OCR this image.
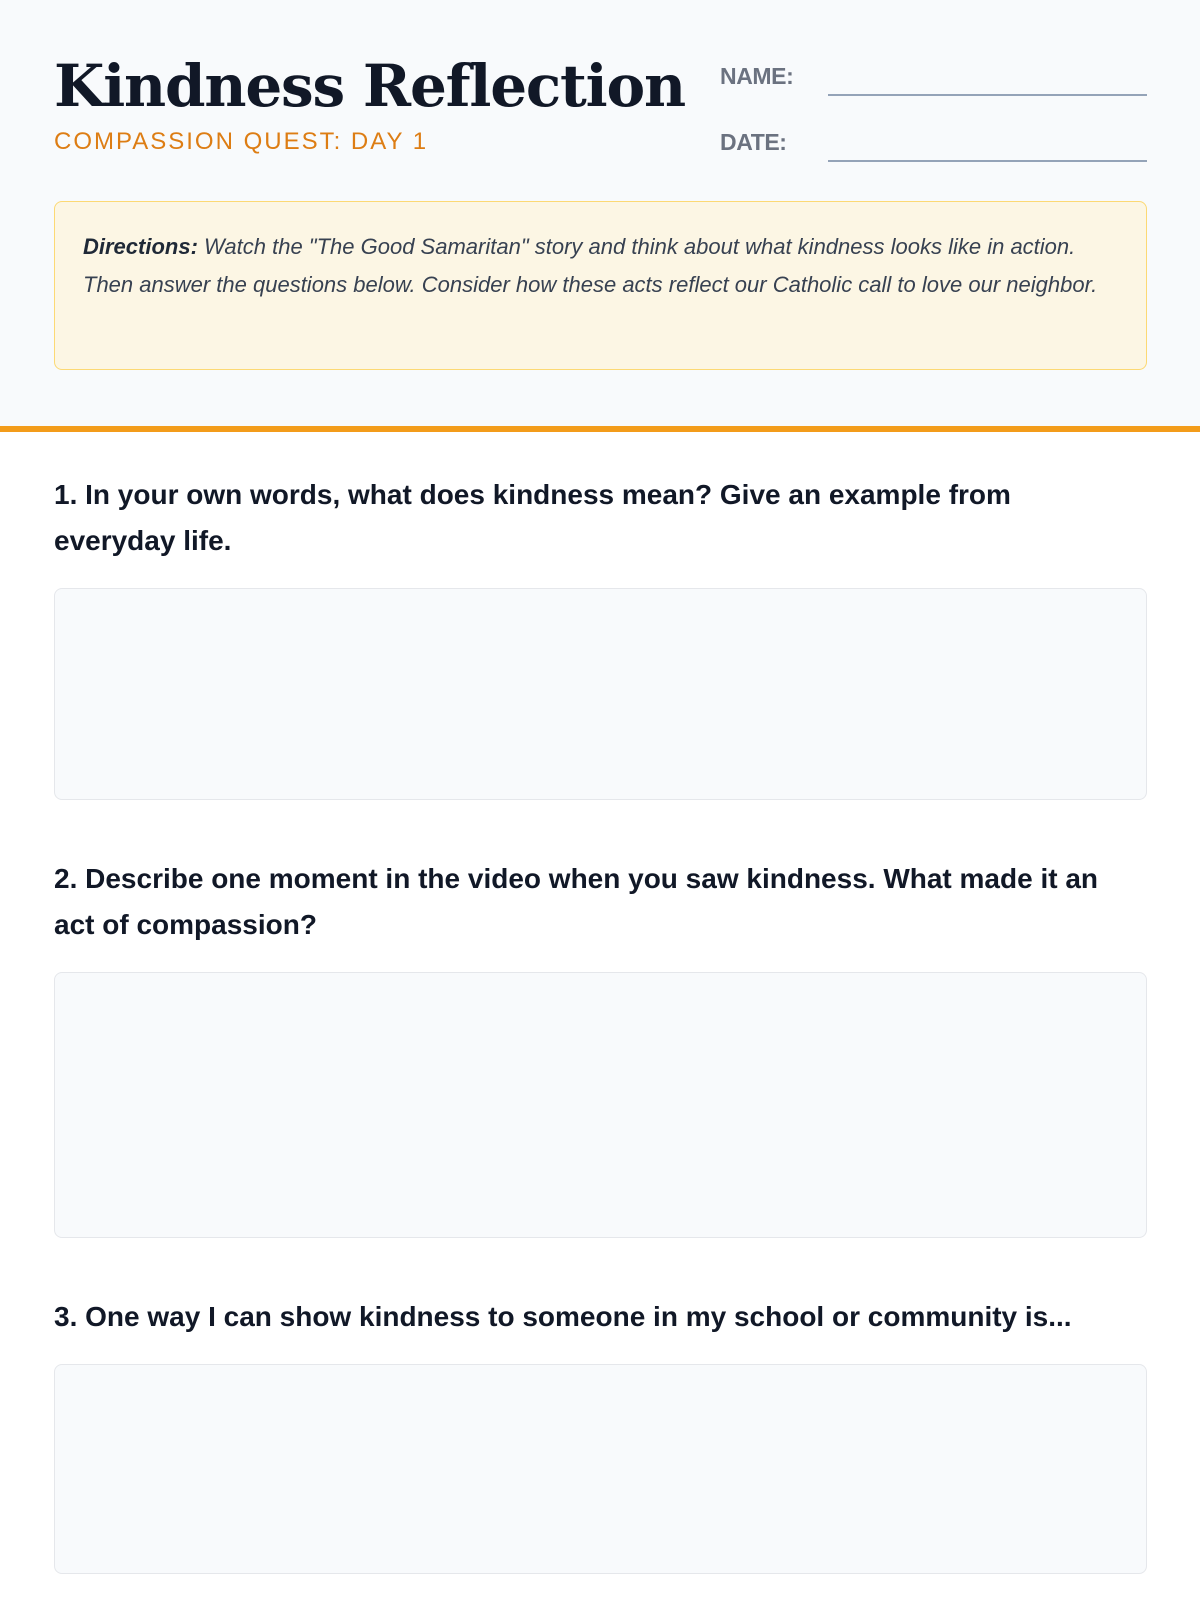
Kindness Reflection
COMPASSION QUEST: DAY 1
NAME:
DATE:
Directions: Watch the "The Good Samaritan" story and think about what kindness looks like in action. Then answer the questions below. Consider how these acts reflect our Catholic call to love our neighbor.
1. In your own words, what does kindness mean? Give an example from everyday life.
2. Describe one moment in the video when you saw kindness. What made it an act of compassion?
3. One way I can show kindness to someone in my school or community is...
